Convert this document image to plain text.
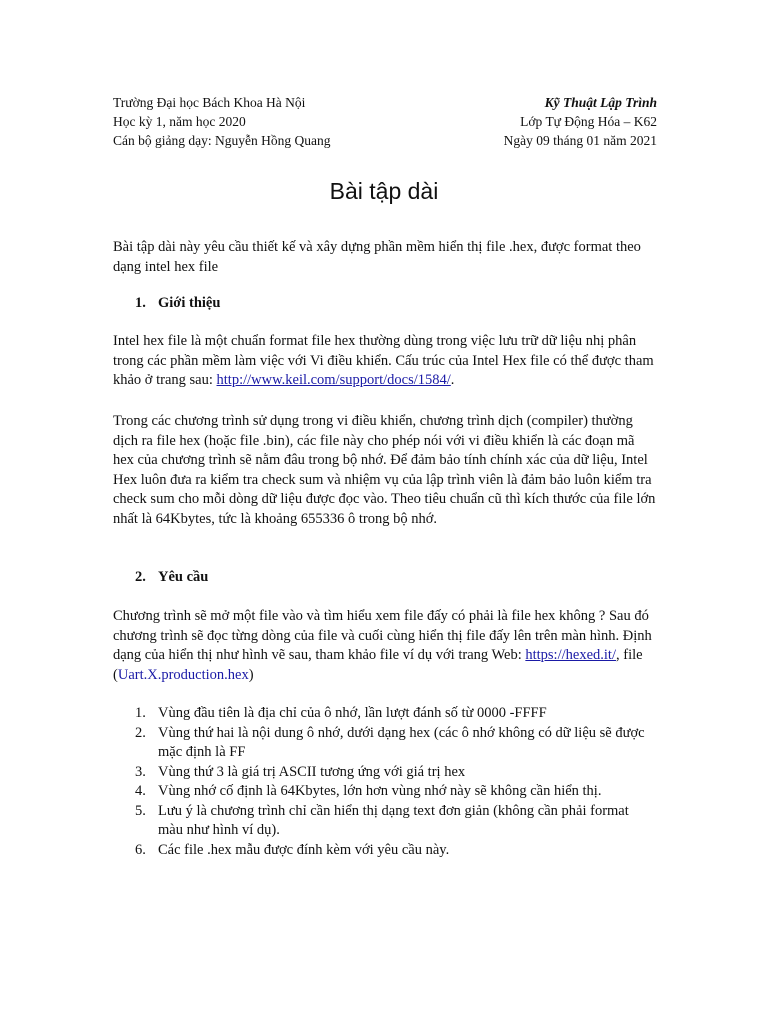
Trường Đại học Bách Khoa Hà Nội	Kỹ Thuật Lập Trình
Học kỳ 1, năm học 2020	Lớp Tự Động Hóa – K62
Cán bộ giảng dạy: Nguyễn Hồng Quang	Ngày 09 tháng 01 năm 2021
Bài tập dài
Bài tập dài này yêu cầu thiết kế và xây dựng phần mềm hiển thị file .hex, được format theo dạng intel hex file
1. Giới thiệu
Intel hex file là một chuẩn format file hex thường dùng trong việc lưu trữ dữ liệu nhị phân trong các phần mềm làm việc với Vi điều khiển. Cấu trúc của Intel Hex file có thể được tham khảo ở trang sau: http://www.keil.com/support/docs/1584/.
Trong các chương trình sử dụng trong vi điều khiển, chương trình dịch (compiler) thường dịch ra file hex (hoặc file .bin), các file này cho phép nói với vi điều khiển là các đoạn mã hex của chương trình sẽ nằm đâu trong bộ nhớ. Để đảm bảo tính chính xác của dữ liệu, Intel Hex luôn đưa ra kiểm tra check sum và nhiệm vụ của lập trình viên là đảm bảo luôn kiểm tra check sum cho mỗi dòng dữ liệu được đọc vào. Theo tiêu chuẩn cũ thì kích thước của file lớn nhất là 64Kbytes, tức là khoảng 655336 ô trong bộ nhớ.
2. Yêu cầu
Chương trình sẽ mở một file vào và tìm hiểu xem file đấy có phải là file hex không ? Sau đó chương trình sẽ đọc từng dòng của file và cuối cùng hiển thị file đấy lên trên màn hình. Định dạng của hiển thị như hình vẽ sau, tham khảo file ví dụ với trang Web: https://hexed.it/, file (Uart.X.production.hex)
1. Vùng đầu tiên là địa chỉ của ô nhớ, lần lượt đánh số từ 0000 -FFFF
2. Vùng thứ hai là nội dung ô nhớ, dưới dạng hex (các ô nhớ không có dữ liệu sẽ được mặc định là FF
3. Vùng thứ 3 là giá trị ASCII tương ứng với giá trị hex
4. Vùng nhớ cố định là 64Kbytes, lớn hơn vùng nhớ này sẽ không cần hiển thị.
5. Lưu ý là chương trình chỉ cần hiển thị dạng text đơn giản (không cần phải format màu như hình ví dụ).
6. Các file .hex mẫu được đính kèm với yêu cầu này.
